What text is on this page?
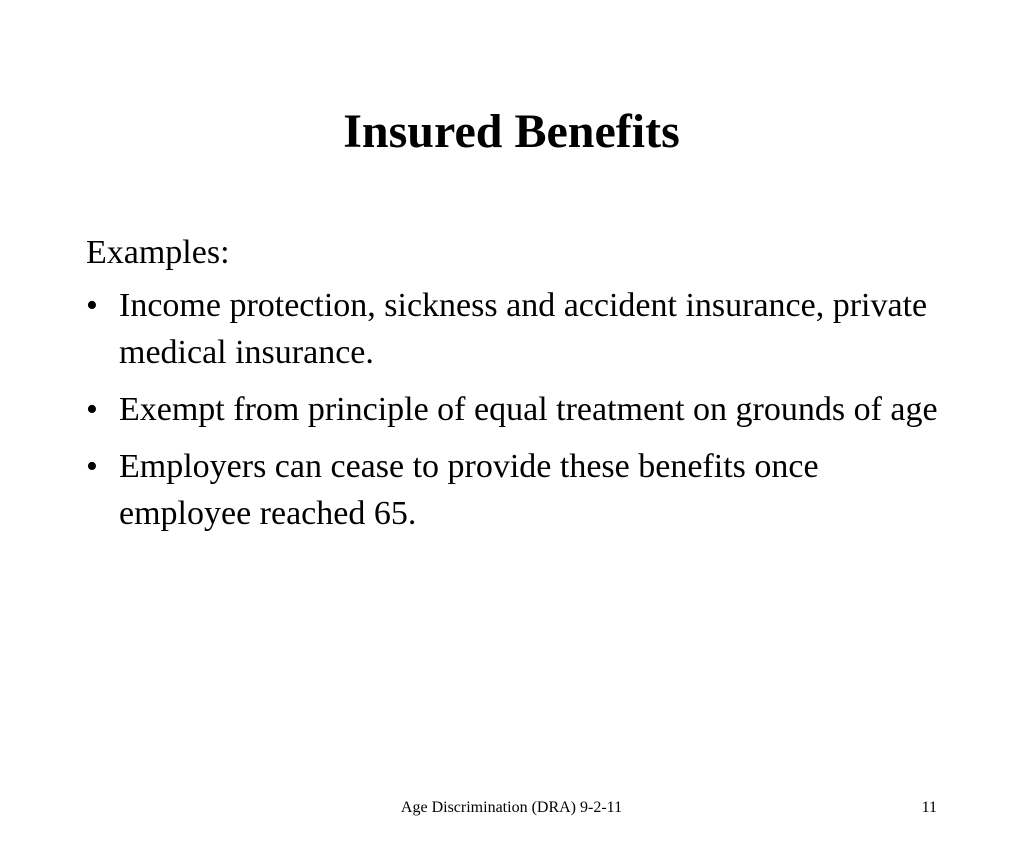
Insured Benefits
Examples:
• Income protection, sickness and accident insurance, private medical insurance.
• Exempt from principle of equal treatment on grounds of age
• Employers can cease to provide these benefits once employee reached 65.
Age Discrimination (DRA) 9-2-11	11
